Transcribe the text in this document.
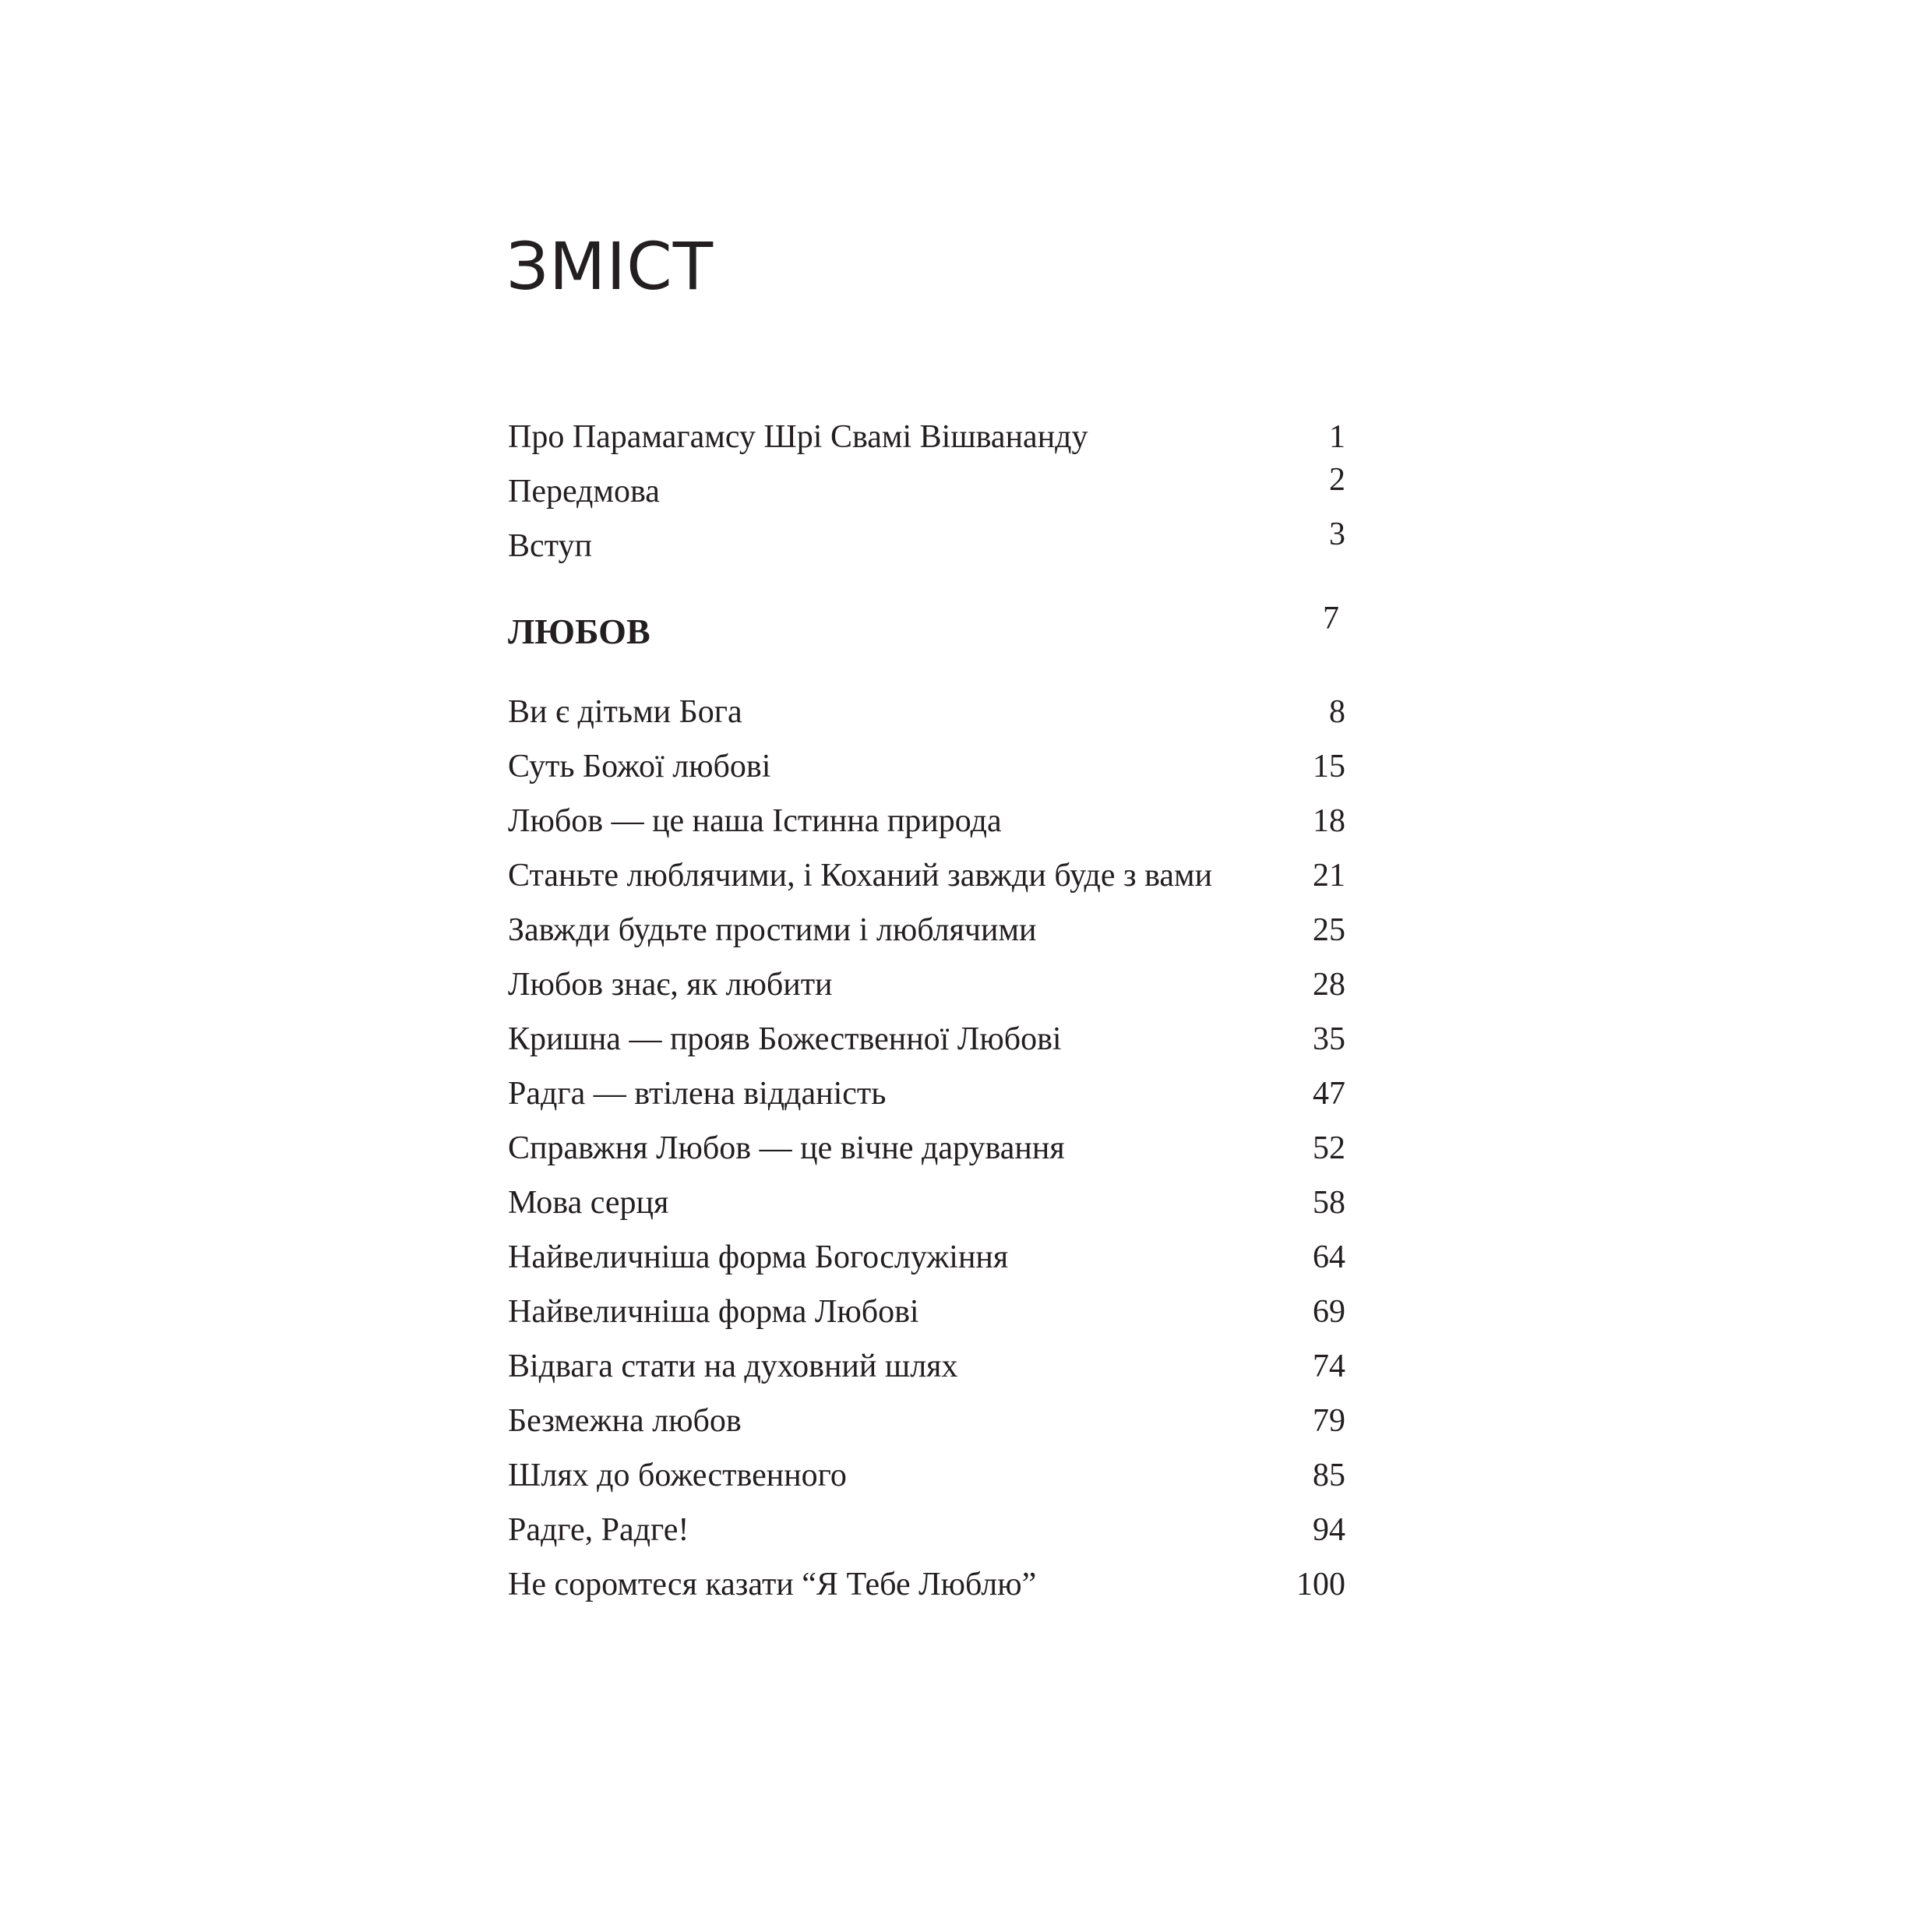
ЗМІСТ
Про Парамагамсу Шрі Свамі Вішвананду	1
Передмова	2
Вступ	3
ЛЮБОВ	7
Ви є дітьми Бога	8
Суть Божої любові	15
Любов — це наша Істинна природа	18
Станьте люблячими, і Коханий завжди буде з вами	21
Завжди будьте простими і люблячими	25
Любов знає, як любити	28
Кришна — прояв Божественної Любові	35
Радга — втілена відданість	47
Справжня Любов — це вічне дарування	52
Мова серця	58
Найвеличніша форма Богослужіння	64
Найвеличніша форма Любові	69
Відвага стати на духовний шлях	74
Безмежна любов	79
Шлях до божественного	85
Радге, Радге!	94
Не соромтеся казати “Я Тебе Люблю”	100
